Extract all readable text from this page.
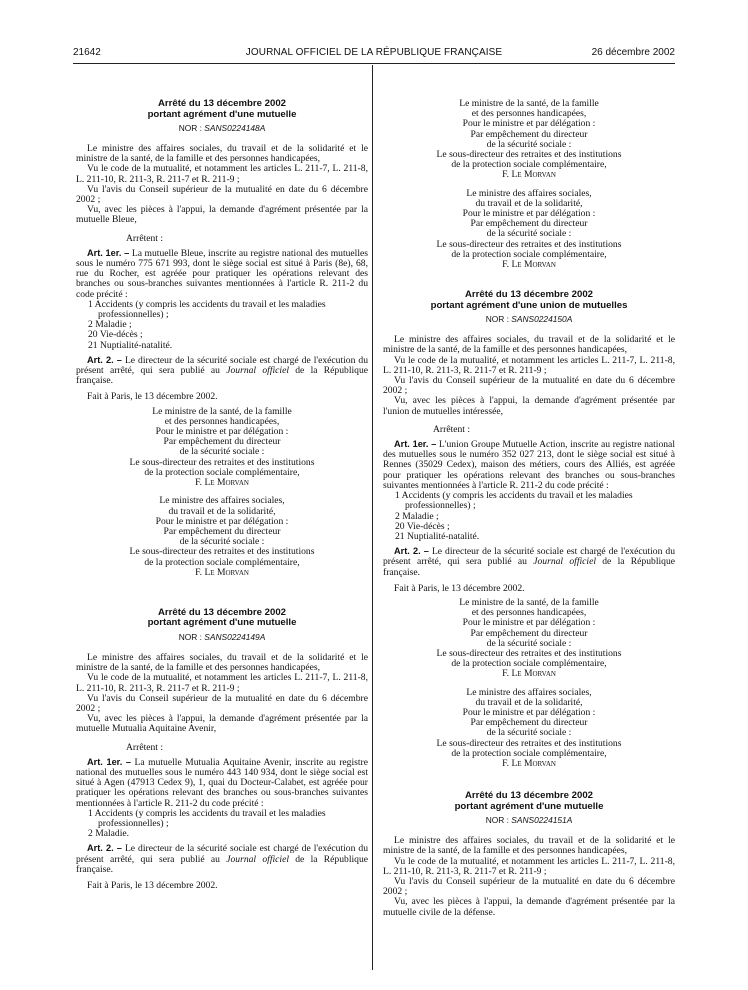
21642	JOURNAL OFFICIEL DE LA RÉPUBLIQUE FRANÇAISE	26 décembre 2002
Arrêté du 13 décembre 2002
portant agrément d'une mutuelle
NOR : SANS0224148A

Le ministre des affaires sociales, du travail et de la solidarité et le ministre de la santé, de la famille et des personnes handicapées,

Vu le code de la mutualité, et notamment les articles L. 211-7, L. 211-8, L. 211-10, R. 211-3, R. 211-7 et R. 211-9 ;

Vu l'avis du Conseil supérieur de la mutualité en date du 6 décembre 2002 ;

Vu, avec les pièces à l'appui, la demande d'agrément présentée par la mutuelle Bleue,

Arrêtent :

Art. 1er. – La mutuelle Bleue, inscrite au registre national des mutuelles sous le numéro 775 671 993, dont le siège social est situé à Paris (8e), 68, rue du Rocher, est agréée pour pratiquer les opérations relevant des branches ou sous-branches suivantes mentionnées à l'article R. 211-2 du code précité :

1 Accidents (y compris les accidents du travail et les maladies professionnelles) ;

2 Maladie ;

20 Vie-décès ;

21 Nuptialité-natalité.

Art. 2. – Le directeur de la sécurité sociale est chargé de l'exécution du présent arrêté, qui sera publié au Journal officiel de la République française.

Fait à Paris, le 13 décembre 2002.

Le ministre de la santé, de la famille

et des personnes handicapées,

Pour le ministre et par délégation :

Par empêchement du directeur

de la sécurité sociale :

Le sous-directeur des retraites et des institutions

de la protection sociale complémentaire,

F. Le Morvan

Le ministre des affaires sociales,

du travail et de la solidarité,

Pour le ministre et par délégation :

Par empêchement du directeur

de la sécurité sociale :

Le sous-directeur des retraites et des institutions

de la protection sociale complémentaire,

F. Le Morvan

Arrêté du 13 décembre 2002
portant agrément d'une mutuelle
NOR : SANS0224149A

Le ministre des affaires sociales, du travail et de la solidarité et le ministre de la santé, de la famille et des personnes handicapées,

Vu le code de la mutualité, et notamment les articles L. 211-7, L. 211-8, L. 211-10, R. 211-3, R. 211-7 et R. 211-9 ;

Vu l'avis du Conseil supérieur de la mutualité en date du 6 décembre 2002 ;

Vu, avec les pièces à l'appui, la demande d'agrément présentée par la mutuelle Mutualia Aquitaine Avenir,

Arrêtent :

Art. 1er. – La mutuelle Mutualia Aquitaine Avenir, inscrite au registre national des mutuelles sous le numéro 443 140 934, dont le siège social est situé à Agen (47913 Cedex 9), 1, quai du Docteur-Calabet, est agréée pour pratiquer les opérations relevant des branches ou sous-branches suivantes mentionnées à l'article R. 211-2 du code précité :

1 Accidents (y compris les accidents du travail et les maladies professionnelles) ;

2 Maladie.

Art. 2. – Le directeur de la sécurité sociale est chargé de l'exécution du présent arrêté, qui sera publié au Journal officiel de la République française.

Fait à Paris, le 13 décembre 2002.

Le ministre de la santé, de la famille

et des personnes handicapées,

Pour le ministre et par délégation :

Par empêchement du directeur

de la sécurité sociale :

Le sous-directeur des retraites et des institutions

de la protection sociale complémentaire,

F. Le Morvan

Le ministre des affaires sociales,

du travail et de la solidarité,

Pour le ministre et par délégation :

Par empêchement du directeur

de la sécurité sociale :

Le sous-directeur des retraites et des institutions

de la protection sociale complémentaire,

F. Le Morvan

Arrêté du 13 décembre 2002
portant agrément d'une union de mutuelles
NOR : SANS0224150A

Le ministre des affaires sociales, du travail et de la solidarité et le ministre de la santé, de la famille et des personnes handicapées,

Vu le code de la mutualité, et notamment les articles L. 211-7, L. 211-8, L. 211-10, R. 211-3, R. 211-7 et R. 211-9 ;

Vu l'avis du Conseil supérieur de la mutualité en date du 6 décembre 2002 ;

Vu, avec les pièces à l'appui, la demande d'agrément présentée par l'union de mutuelles intéressée,

Arrêtent :

Art. 1er. – L'union Groupe Mutuelle Action, inscrite au registre national des mutuelles sous le numéro 352 027 213, dont le siège social est situé à Rennes (35029 Cedex), maison des métiers, cours des Alliés, est agréée pour pratiquer les opérations relevant des branches ou sous-branches suivantes mentionnées à l'article R. 211-2 du code précité :

1 Accidents (y compris les accidents du travail et les maladies professionnelles) ;

2 Maladie ;

20 Vie-décès ;

21 Nuptialité-natalité.

Art. 2. – Le directeur de la sécurité sociale est chargé de l'exécution du présent arrêté, qui sera publié au Journal officiel de la République française.

Fait à Paris, le 13 décembre 2002.

Le ministre de la santé, de la famille

et des personnes handicapées,

Pour le ministre et par délégation :

Par empêchement du directeur

de la sécurité sociale :

Le sous-directeur des retraites et des institutions

de la protection sociale complémentaire,

F. Le Morvan

Le ministre des affaires sociales,

du travail et de la solidarité,

Pour le ministre et par délégation :

Par empêchement du directeur

de la sécurité sociale :

Le sous-directeur des retraites et des institutions

de la protection sociale complémentaire,

F. Le Morvan

Arrêté du 13 décembre 2002
portant agrément d'une mutuelle
NOR : SANS0224151A

Le ministre des affaires sociales, du travail et de la solidarité et le ministre de la santé, de la famille et des personnes handicapées,

Vu le code de la mutualité, et notamment les articles L. 211-7, L. 211-8, L. 211-10, R. 211-3, R. 211-7 et R. 211-9 ;

Vu l'avis du Conseil supérieur de la mutualité en date du 6 décembre 2002 ;

Vu, avec les pièces à l'appui, la demande d'agrément présentée par la mutuelle civile de la défense.
